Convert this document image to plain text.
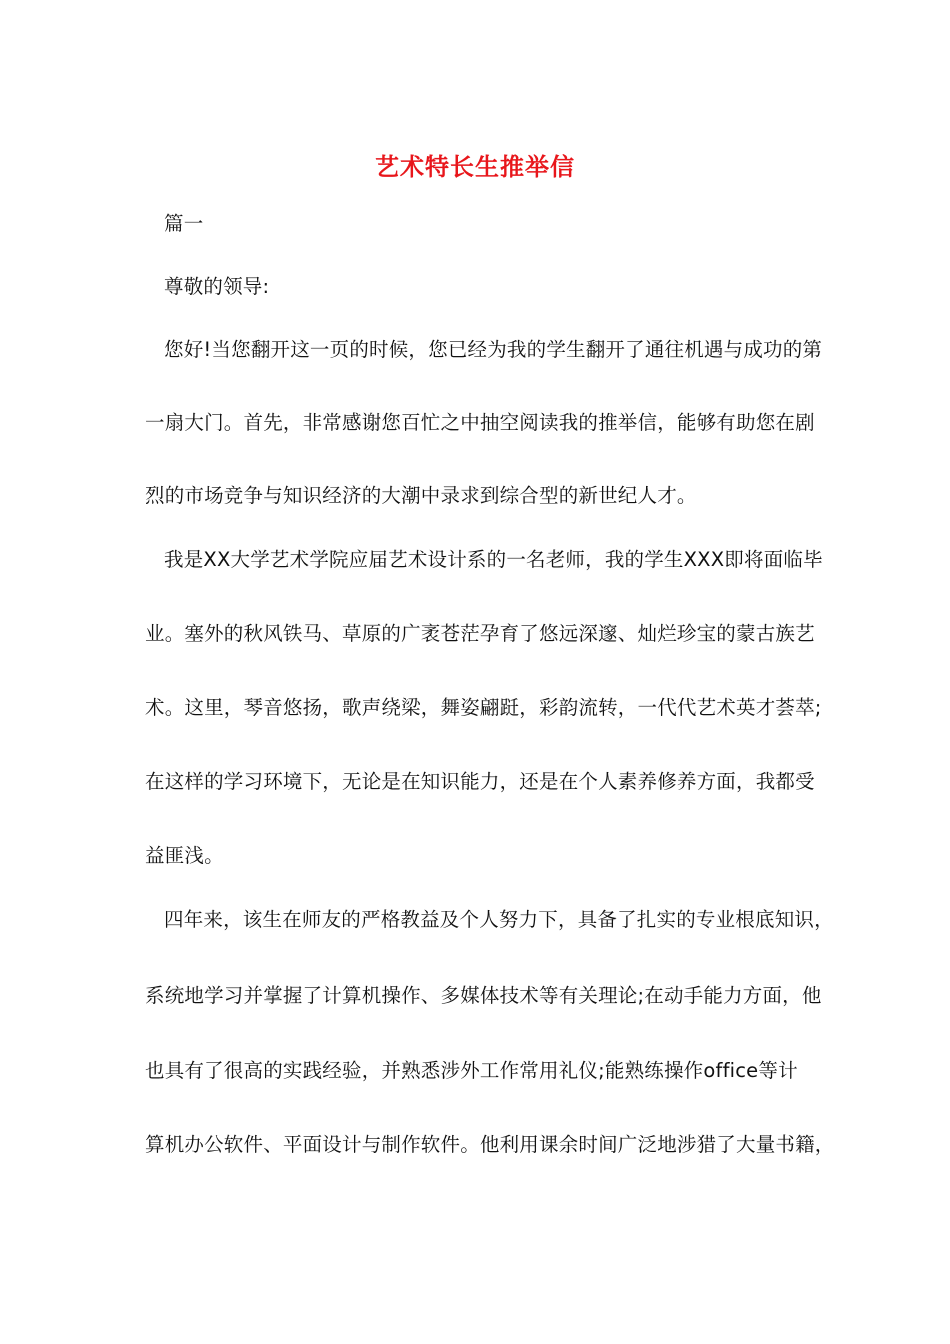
艺术特长生推举信
篇一
尊敬的领导:
您好!当您翻开这一页的时候，您已经为我的学生翻开了通往机遇与成功的第
一扇大门。首先，非常感谢您百忙之中抽空阅读我的推举信，能够有助您在剧
烈的市场竞争与知识经济的大潮中录求到综合型的新世纪人才。
我是XX大学艺术学院应届艺术设计系的一名老师，我的学生XXX即将面临毕
业。塞外的秋风铁马、草原的广袤苍茫孕育了悠远深邃、灿烂珍宝的蒙古族艺
术。这里，琴音悠扬，歌声绕梁，舞姿翩跹，彩韵流转，一代代艺术英才荟萃;
在这样的学习环境下，无论是在知识能力，还是在个人素养修养方面，我都受
益匪浅。
四年来，该生在师友的严格教益及个人努力下，具备了扎实的专业根底知识，
系统地学习并掌握了计算机操作、多媒体技术等有关理论;在动手能力方面，他
也具有了很高的实践经验，并熟悉涉外工作常用礼仪;能熟练操作office等计
算机办公软件、平面设计与制作软件。他利用课余时间广泛地涉猎了大量书籍，
